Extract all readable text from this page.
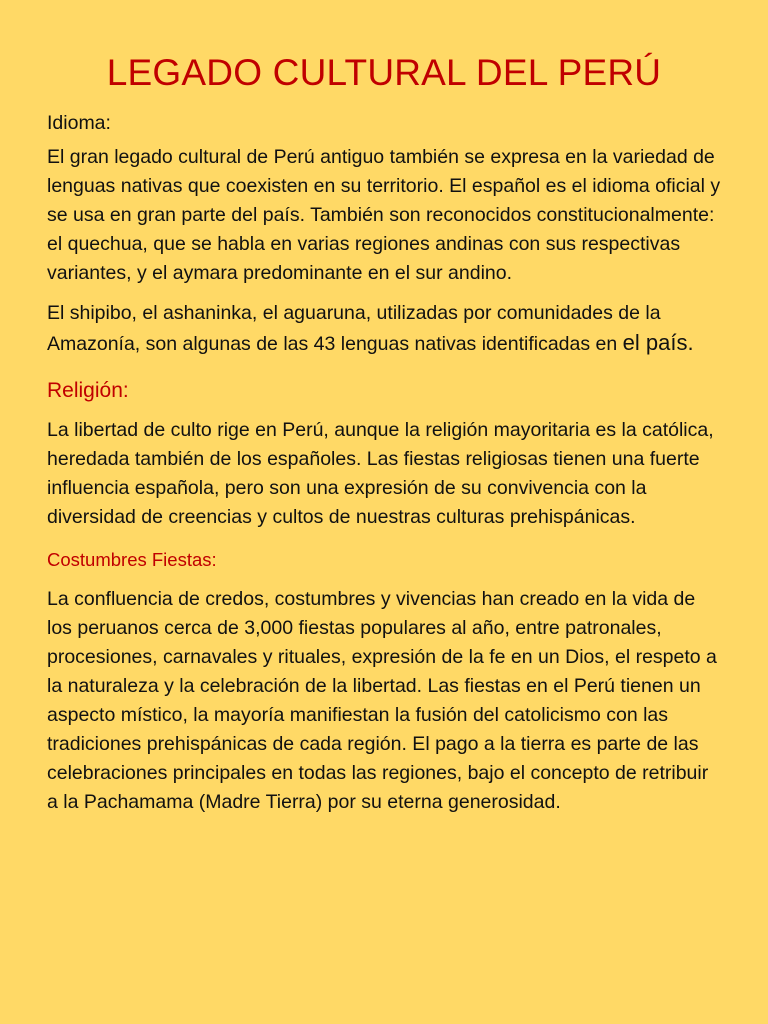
LEGADO CULTURAL DEL PERÚ
Idioma:

El gran legado cultural de Perú antiguo también se expresa en la variedad de lenguas nativas que coexisten en su territorio. El español es el idioma oficial y se usa en gran parte del país. También son reconocidos constitucionalmente: el quechua, que se habla en varias regiones andinas con sus respectivas variantes, y el aymara predominante en el sur andino.

El shipibo, el ashaninka, el aguaruna, utilizadas por comunidades de la Amazonía, son algunas de las 43 lenguas nativas identificadas en el país.

Religión:

La libertad de culto rige en Perú, aunque la religión mayoritaria es la católica, heredada también de los españoles. Las fiestas religiosas tienen una fuerte influencia española, pero son una expresión de su convivencia con la diversidad de creencias y cultos de nuestras culturas prehispánicas.

Costumbres Fiestas:

La confluencia de credos, costumbres y vivencias han creado en la vida de los peruanos cerca de 3,000 fiestas populares al año, entre patronales, procesiones, carnavales y rituales, expresión de la fe en un Dios, el respeto a la naturaleza y la celebración de la libertad. Las fiestas en el Perú tienen un aspecto místico, la mayoría manifiestan la fusión del catolicismo con las tradiciones prehispánicas de cada región. El pago a la tierra es parte de las celebraciones principales en todas las regiones, bajo el concepto de retribuir a la Pachamama (Madre Tierra) por su eterna generosidad.
